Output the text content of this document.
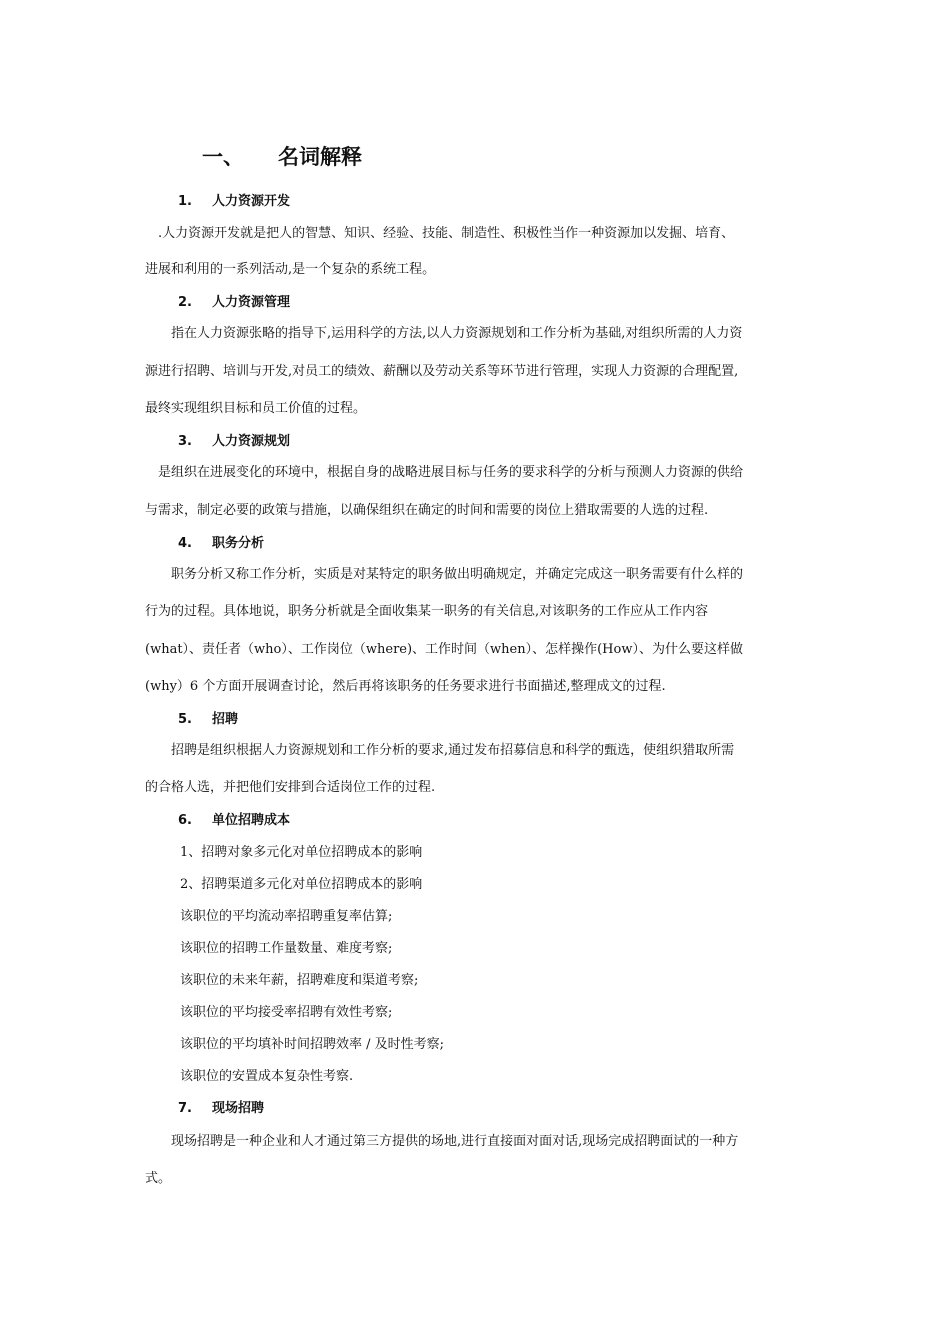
一、 名词解释
1. 人力资源开发
.人力资源开发就是把人的智慧、知识、经验、技能、制造性、积极性当作一种资源加以发掘、培育、
进展和利用的一系列活动,是一个复杂的系统工程。
2. 人力资源管理
指在人力资源张略的指导下,运用科学的方法,以人力资源规划和工作分析为基础,对组织所需的人力资
源进行招聘、培训与开发,对员工的绩效、薪酬以及劳动关系等环节进行管理，实现人力资源的合理配置,
最终实现组织目标和员工价值的过程。
3. 人力资源规划
是组织在进展变化的环境中，根据自身的战略进展目标与任务的要求科学的分析与预测人力资源的供给
与需求，制定必要的政策与措施，以确保组织在确定的时间和需要的岗位上猎取需要的人选的过程.
4. 职务分析
职务分析又称工作分析，实质是对某特定的职务做出明确规定，并确定完成这一职务需要有什么样的
行为的过程。具体地说，职务分析就是全面收集某一职务的有关信息,对该职务的工作应从工作内容
(what）、责任者（who）、工作岗位（where)、工作时间（when）、怎样操作(How）、为什么要这样做
(why）6 个方面开展调查讨论，然后再将该职务的任务要求进行书面描述,整理成文的过程.
5. 招聘
招聘是组织根据人力资源规划和工作分析的要求,通过发布招募信息和科学的甄选，使组织猎取所需
的合格人选，并把他们安排到合适岗位工作的过程.
6. 单位招聘成本
1、招聘对象多元化对单位招聘成本的影响
2、招聘渠道多元化对单位招聘成本的影响
该职位的平均流动率招聘重复率估算;
该职位的招聘工作量数量、难度考察;
该职位的未来年薪，招聘难度和渠道考察;
该职位的平均接受率招聘有效性考察;
该职位的平均填补时间招聘效率 / 及时性考察;
该职位的安置成本复杂性考察.
7. 现场招聘
现场招聘是一种企业和人才通过第三方提供的场地,进行直接面对面对话,现场完成招聘面试的一种方
式。
